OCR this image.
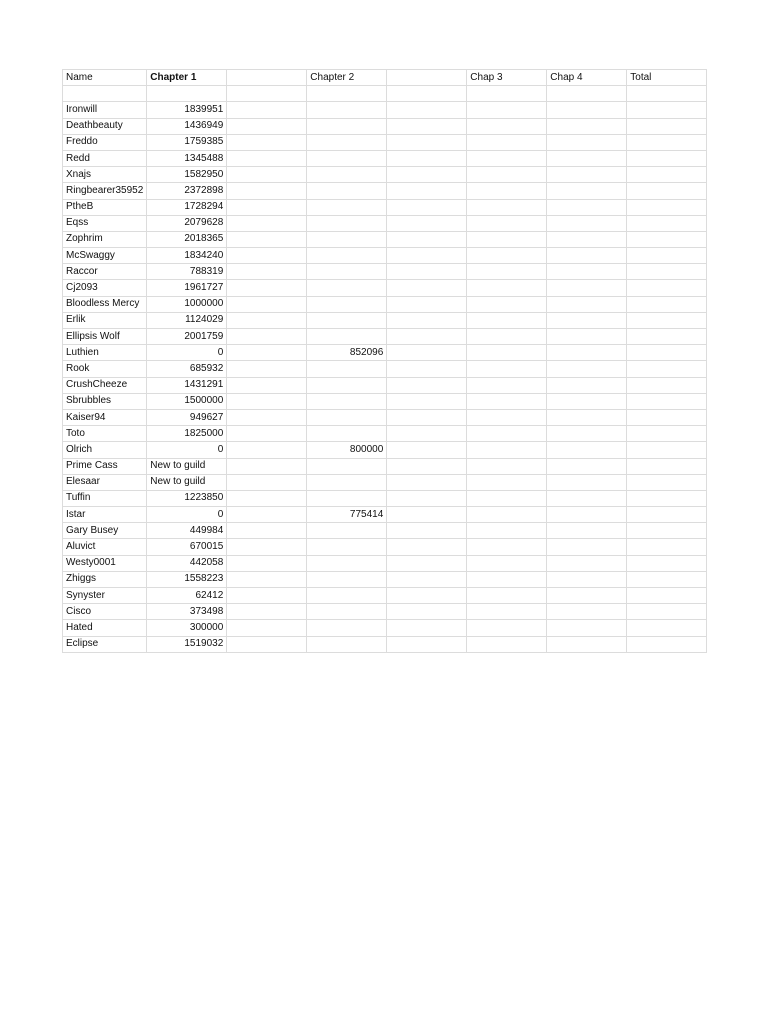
Name	Chapter 1		Chapter 2		Chap 3	Chap 4	Total

Ironwill	1839951						
Deathbeauty	1436949						
Freddo	1759385						
Redd	1345488						
Xnajs	1582950						
Ringbearer35952	2372898						
PtheB	1728294						
Eqss	2079628						
Zophrim	2018365						
McSwaggy	1834240						
Raccor	788319						
Cj2093	1961727						
Bloodless Mercy	1000000						
Erlik	1124029						
Ellipsis Wolf	2001759						
Luthien	0		852096				
Rook	685932						
CrushCheeze	1431291						
Sbrubbles	1500000						
Kaiser94	949627						
Toto	1825000						
Olrich	0		800000				
Prime Cass	New to guild						
Elesaar	New to guild						
Tuffin	1223850						
Istar	0		775414				
Gary Busey	449984						
Aluvict	670015						
Westy0001	442058						
Zhiggs	1558223						
Synyster	62412						
Cisco	373498						
Hated	300000						
Eclipse	1519032						
